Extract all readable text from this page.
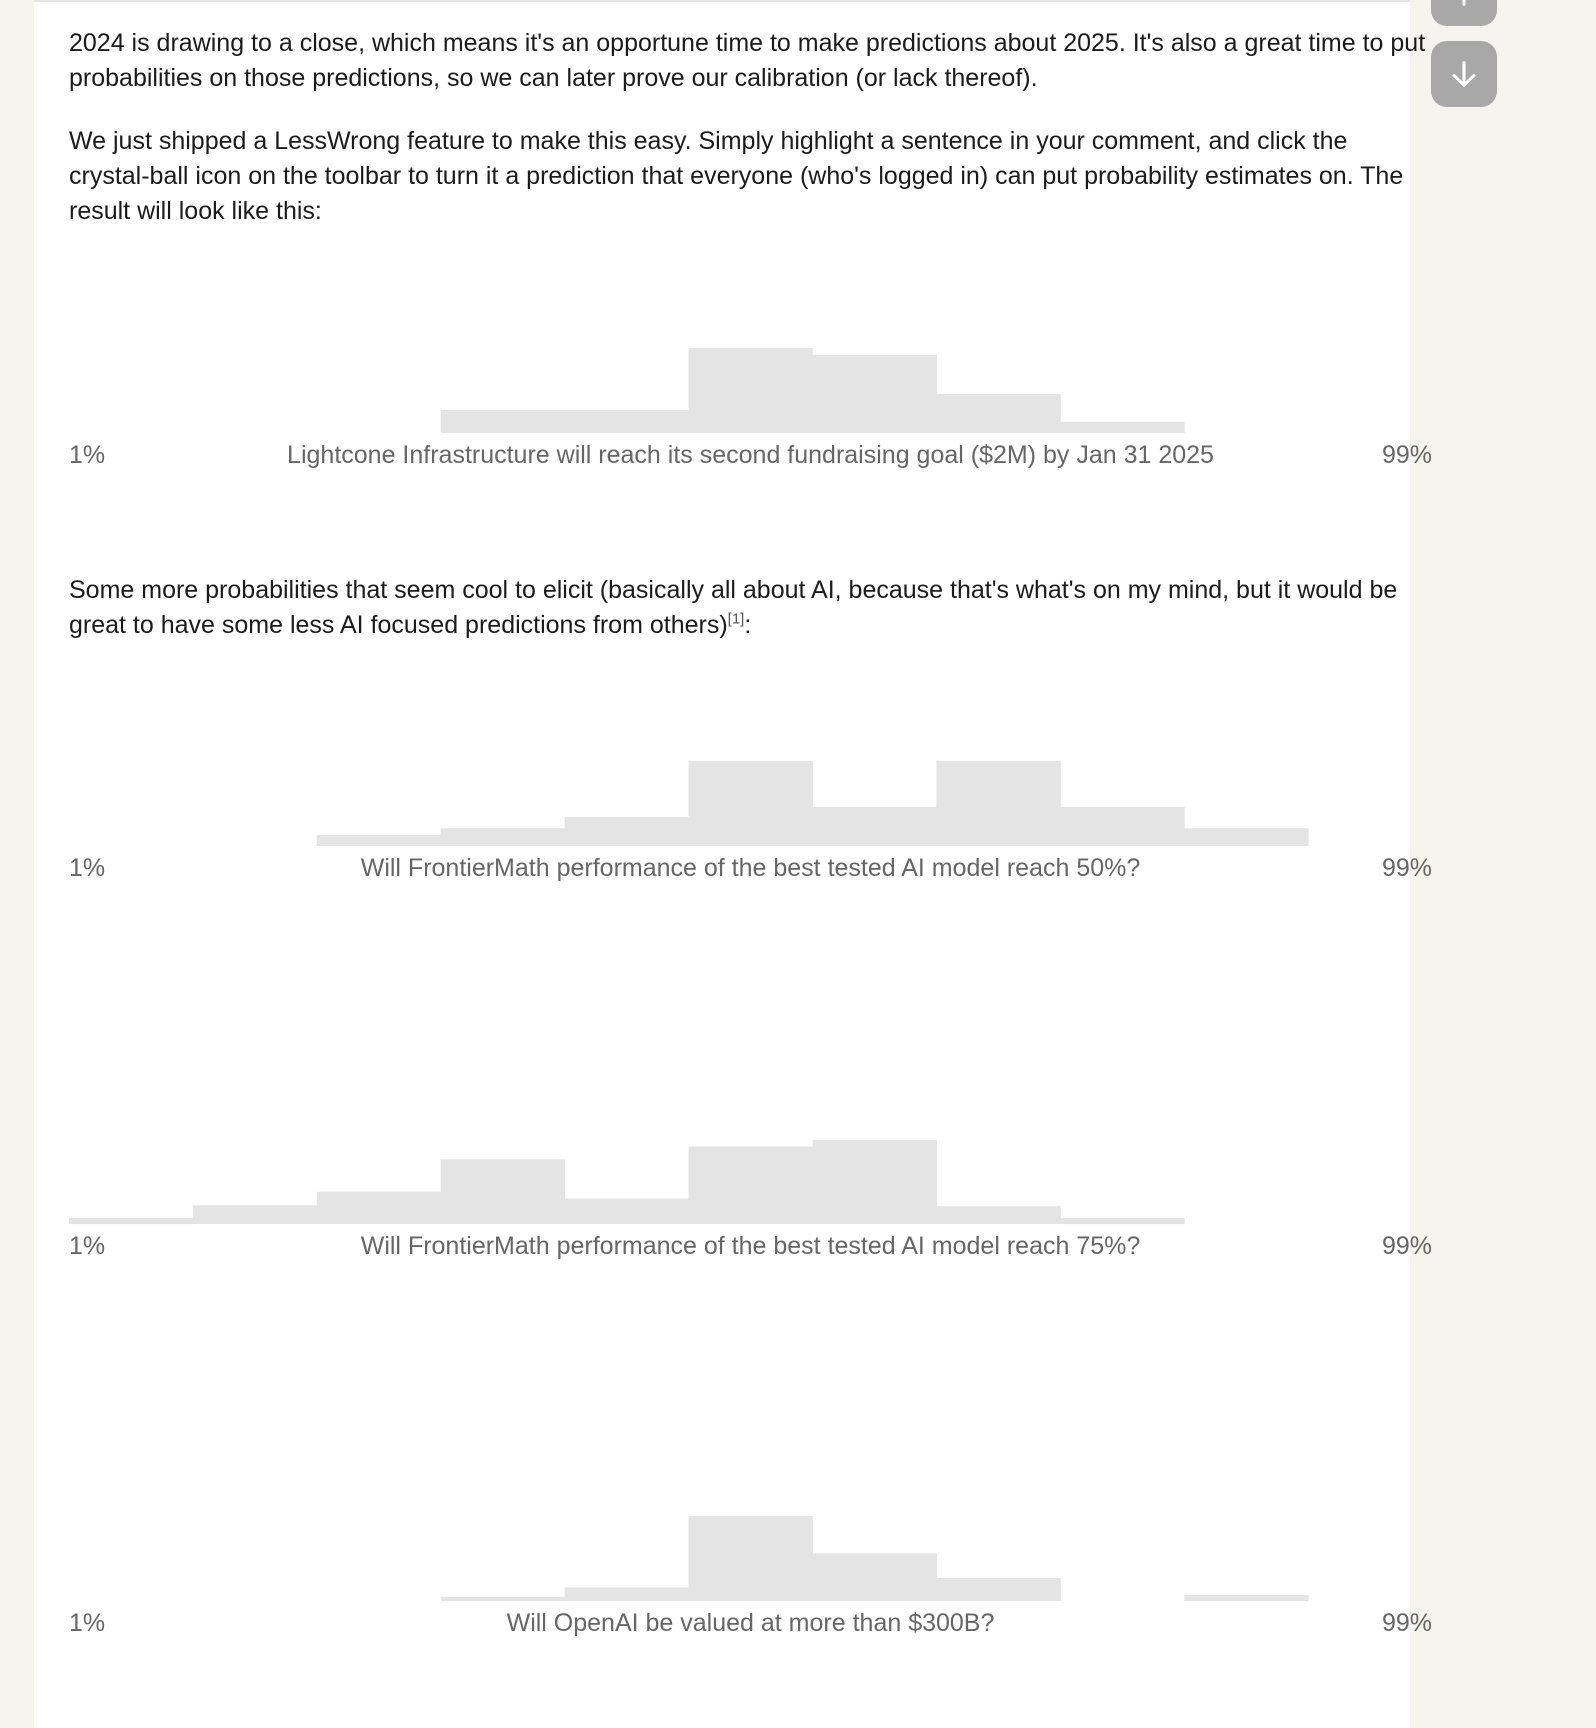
2024 is drawing to a close, which means it's an opportune time to make predictions about 2025. It's also a great time to put probabilities on those predictions, so we can later prove our calibration (or lack thereof).

We just shipped a LessWrong feature to make this easy. Simply highlight a sentence in your comment, and click the crystal-ball icon on the toolbar to turn it a prediction that everyone (who's logged in) can put probability estimates on. The result will look like this:

1%	Lightcone Infrastructure will reach its second fundraising goal ($2M) by Jan 31 2025	99%

Some more probabilities that seem cool to elicit (basically all about AI, because that's what's on my mind, but it would be great to have some less AI focused predictions from others)[1]:

1%	Will FrontierMath performance of the best tested AI model reach 50%?	99%
1%	Will FrontierMath performance of the best tested AI model reach 75%?	99%
1%	Will OpenAI be valued at more than $300B?	99%
